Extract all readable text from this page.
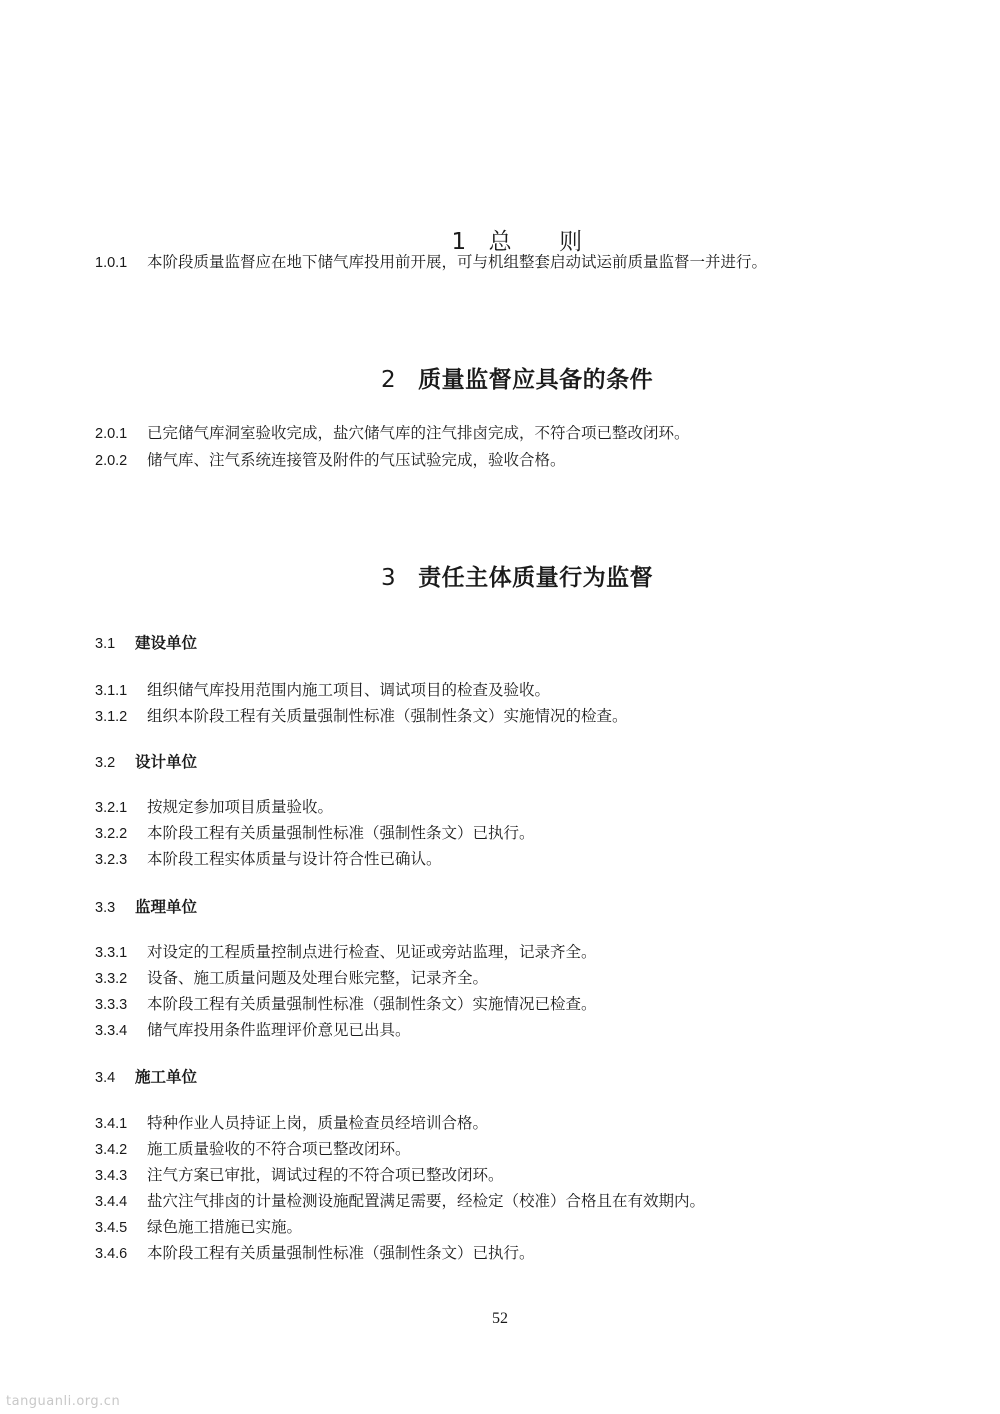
1 总　　则

1.0.1 本阶段质量监督应在地下储气库投用前开展，可与机组整套启动试运前质量监督一并进行。

2 质量监督应具备的条件

2.0.1 已完储气库洞室验收完成，盐穴储气库的注气排卤完成，不符合项已整改闭环。
2.0.2 储气库、注气系统连接管及附件的气压试验完成，验收合格。

3 责任主体质量行为监督

3.1 建设单位
3.1.1 组织储气库投用范围内施工项目、调试项目的检查及验收。
3.1.2 组织本阶段工程有关质量强制性标准（强制性条文）实施情况的检查。
3.2 设计单位
3.2.1 按规定参加项目质量验收。
3.2.2 本阶段工程有关质量强制性标准（强制性条文）已执行。
3.2.3 本阶段工程实体质量与设计符合性已确认。
3.3 监理单位
3.3.1 对设定的工程质量控制点进行检查、见证或旁站监理，记录齐全。
3.3.2 设备、施工质量问题及处理台账完整，记录齐全。
3.3.3 本阶段工程有关质量强制性标准（强制性条文）实施情况已检查。
3.3.4 储气库投用条件监理评价意见已出具。
3.4 施工单位
3.4.1 特种作业人员持证上岗，质量检查员经培训合格。
3.4.2 施工质量验收的不符合项已整改闭环。
3.4.3 注气方案已审批，调试过程的不符合项已整改闭环。
3.4.4 盐穴注气排卤的计量检测设施配置满足需要，经检定（校准）合格且在有效期内。
3.4.5 绿色施工措施已实施。
3.4.6 本阶段工程有关质量强制性标准（强制性条文）已执行。
52
tanguanli.org.cn
